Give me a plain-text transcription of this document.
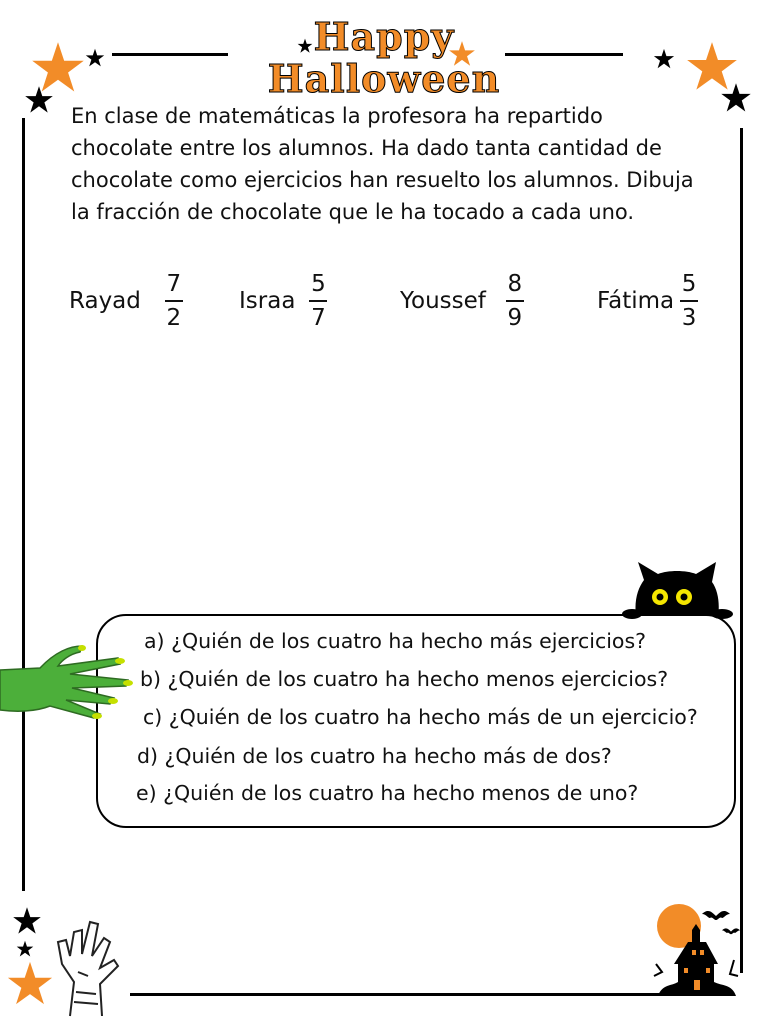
Happy
Halloween
En clase de matemáticas la profesora ha repartido chocolate entre los alumnos. Ha dado tanta cantidad de chocolate como ejercicios han resuelto los alumnos. Dibuja la fracción de chocolate que le ha tocado a cada uno.
Rayad $\frac{7}{2}$ Israa $\frac{5}{7}$	Youssef $\frac{8}{9}$	Fátima $\frac{5}{3}$
a) ¿Quién de los cuatro ha hecho más ejercicios?
b) ¿Quién de los cuatro ha hecho menos ejercicios?
c) ¿Quién de los cuatro ha hecho más de un ejercicio?
d) ¿Quién de los cuatro ha hecho más de dos?
e) ¿Quién de los cuatro ha hecho menos de uno?
